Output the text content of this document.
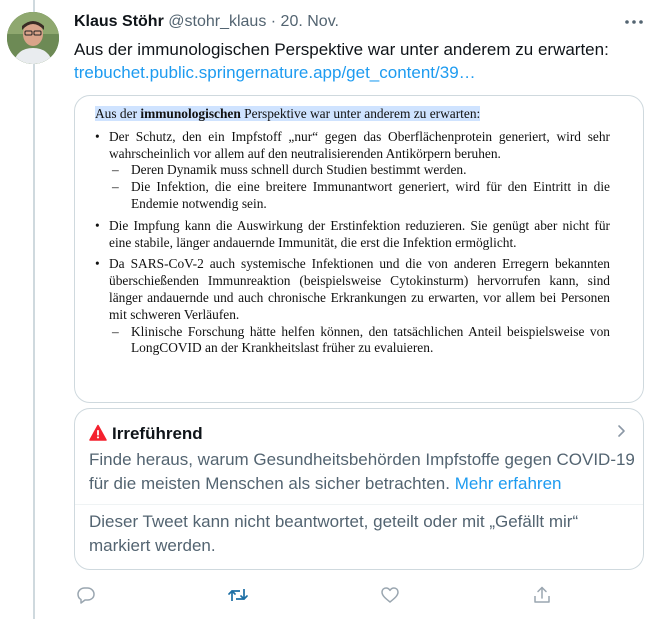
Klaus Stöhr @stohr_klaus · 20. Nov.
Aus der immunologischen Perspektive war unter anderem zu erwarten:
trebuchet.public.springernature.app/get_content/39…
Aus der immunologischen Perspektive war unter anderem zu erwarten:
• Der Schutz, den ein Impfstoff „nur“ gegen das Oberflächenprotein generiert, wird sehr wahrscheinlich vor allem auf den neutralisierenden Antikörpern beruhen.
– Deren Dynamik muss schnell durch Studien bestimmt werden.
– Die Infektion, die eine breitere Immunantwort generiert, wird für den Eintritt in die Endemie notwendig sein.
• Die Impfung kann die Auswirkung der Erstinfektion reduzieren. Sie genügt aber nicht für eine stabile, länger andauernde Immunität, die erst die Infektion ermöglicht.
• Da SARS-CoV-2 auch systemische Infektionen und die von anderen Erregern bekannten überschießenden Immunreaktion (beispielsweise Cytokinsturm) hervorrufen kann, sind länger andauernde und auch chronische Erkrankungen zu erwarten, vor allem bei Personen mit schweren Verläufen.
– Klinische Forschung hätte helfen können, den tatsächlichen Anteil beispielsweise von LongCOVID an der Krankheitslast früher zu evaluieren.
Irreführend
Finde heraus, warum Gesundheitsbehörden Impfstoffe gegen COVID-19 für die meisten Menschen als sicher betrachten. Mehr erfahren
Dieser Tweet kann nicht beantwortet, geteilt oder mit „Gefällt mir“ markiert werden.
